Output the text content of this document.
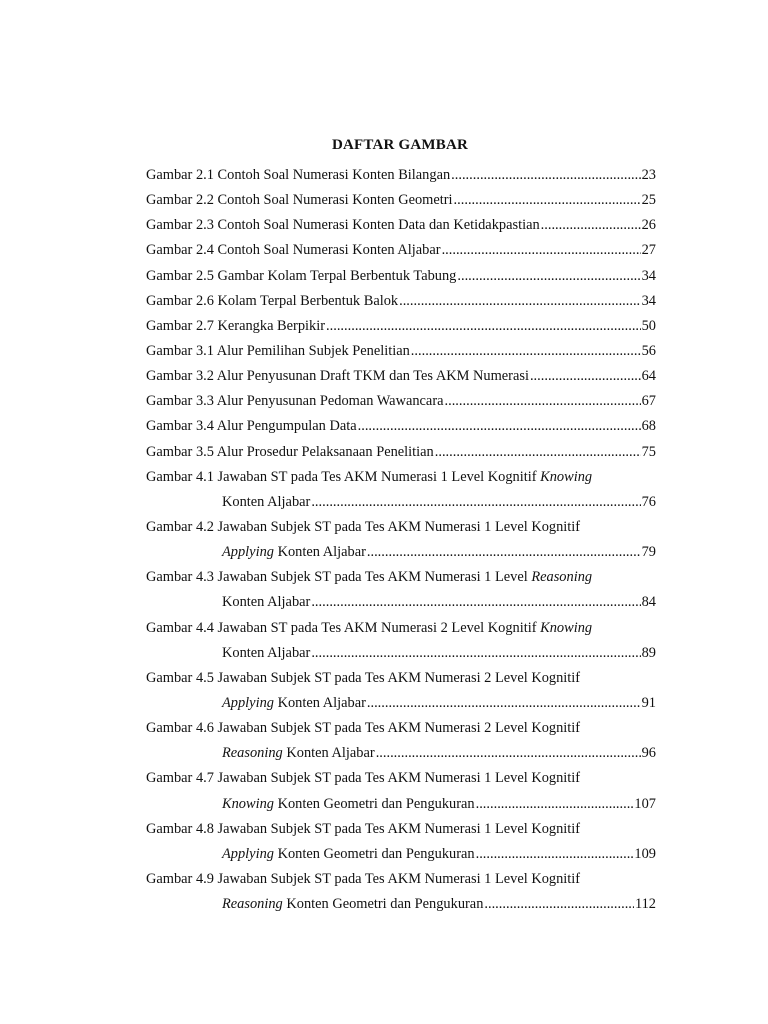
DAFTAR GAMBAR
Gambar 2.1 Contoh Soal Numerasi Konten Bilangan .....	23
Gambar 2.2 Contoh Soal Numerasi Konten Geometri .....	25
Gambar 2.3 Contoh Soal Numerasi Konten Data dan Ketidakpastian .....	26
Gambar 2.4 Contoh Soal Numerasi Konten Aljabar .....	27
Gambar 2.5 Gambar Kolam Terpal Berbentuk Tabung .....	34
Gambar 2.6 Kolam Terpal Berbentuk Balok .....	34
Gambar 2.7 Kerangka Berpikir .....	50
Gambar 3.1 Alur Pemilihan Subjek Penelitian .....	56
Gambar 3.2 Alur Penyusunan Draft TKM dan Tes AKM Numerasi .....	64
Gambar 3.3 Alur Penyusunan Pedoman Wawancara .....	67
Gambar 3.4 Alur Pengumpulan Data .....	68
Gambar 3.5 Alur Prosedur Pelaksanaan Penelitian .....	75
Gambar 4.1 Jawaban ST pada Tes AKM Numerasi 1 Level Kognitif Knowing
Konten Aljabar .....	76
Gambar 4.2 Jawaban Subjek ST pada Tes AKM Numerasi 1 Level Kognitif
Applying Konten Aljabar .....	79
Gambar 4.3 Jawaban Subjek ST pada Tes AKM Numerasi 1 Level Reasoning
Konten Aljabar .....	84
Gambar 4.4 Jawaban ST pada Tes AKM Numerasi 2 Level Kognitif Knowing
Konten Aljabar .....	89
Gambar 4.5 Jawaban Subjek ST pada Tes AKM Numerasi 2 Level Kognitif
Applying Konten Aljabar .....	91
Gambar 4.6 Jawaban Subjek ST pada Tes AKM Numerasi 2 Level Kognitif
Reasoning Konten Aljabar .....	96
Gambar 4.7 Jawaban Subjek ST pada Tes AKM Numerasi 1 Level Kognitif
Knowing Konten Geometri dan Pengukuran .....	107
Gambar 4.8 Jawaban Subjek ST pada Tes AKM Numerasi 1 Level Kognitif
Applying Konten Geometri dan Pengukuran .....	109
Gambar 4.9 Jawaban Subjek ST pada Tes AKM Numerasi 1 Level Kognitif
Reasoning Konten Geometri dan Pengukuran .....	112
